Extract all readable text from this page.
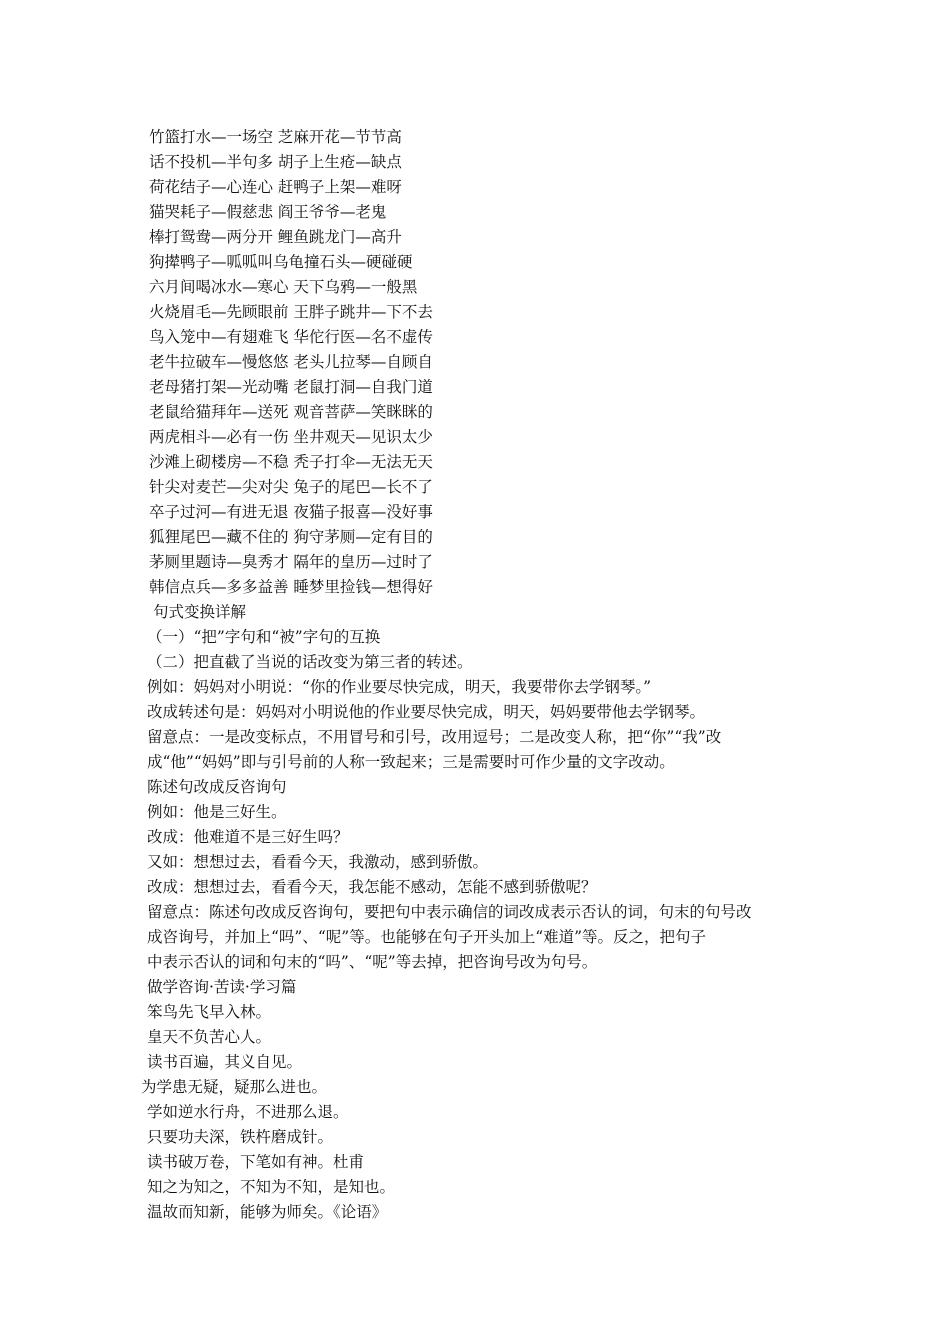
竹篮打水—一场空 芝麻开花—节节高
话不投机—半句多 胡子上生疮—缺点
荷花结子—心连心 赶鸭子上架—难呀
猫哭耗子—假慈悲 阎王爷爷—老鬼
棒打鸳鸯—两分开 鲤鱼跳龙门—高升
狗撵鸭子—呱呱叫乌龟撞石头—硬碰硬
六月间喝冰水—寒心 天下乌鸦—一般黑
火烧眉毛—先顾眼前 王胖子跳井—下不去
鸟入笼中—有翅难飞 华佗行医—名不虚传
老牛拉破车—慢悠悠 老头儿拉琴—自顾自
老母猪打架—光动嘴 老鼠打洞—自我门道
老鼠给猫拜年—送死 观音菩萨—笑眯眯的
两虎相斗—必有一伤 坐井观天—见识太少
沙滩上砌楼房—不稳 秃子打伞—无法无天
针尖对麦芒—尖对尖 兔子的尾巴—长不了
卒子过河—有进无退 夜猫子报喜—没好事
狐狸尾巴—藏不住的 狗守茅厕—定有目的
茅厕里题诗—臭秀才 隔年的皇历—过时了
韩信点兵—多多益善 睡梦里捡钱—想得好
句式变换详解
（一）“把”字句和“被”字句的互换
（二）把直截了当说的话改变为第三者的转述。
例如：妈妈对小明说：“你的作业要尽快完成，明天，我要带你去学钢琴。”
改成转述句是：妈妈对小明说他的作业要尽快完成，明天，妈妈要带他去学钢琴。
留意点：一是改变标点，不用冒号和引号，改用逗号；二是改变人称，把“你”“我”改
成“他”“妈妈”即与引号前的人称一致起来；三是需要时可作少量的文字改动。
陈述句改成反咨询句
例如：他是三好生。
改成：他难道不是三好生吗？
又如：想想过去，看看今天，我激动，感到骄傲。
改成：想想过去，看看今天，我怎能不感动，怎能不感到骄傲呢？
留意点：陈述句改成反咨询句，要把句中表示确信的词改成表示否认的词，句末的句号改
成咨询号，并加上“吗”、“呢”等。也能够在句子开头加上“难道”等。反之，把句子
中表示否认的词和句末的“吗”、“呢”等去掉，把咨询号改为句号。
做学咨询·苦读·学习篇
笨鸟先飞早入林。
皇天不负苦心人。
读书百遍，其义自见。
为学患无疑，疑那么进也。
学如逆水行舟，不进那么退。
只要功夫深，铁杵磨成针。
读书破万卷，下笔如有神。杜甫
知之为知之，不知为不知，是知也。
温故而知新，能够为师矣。《论语》
